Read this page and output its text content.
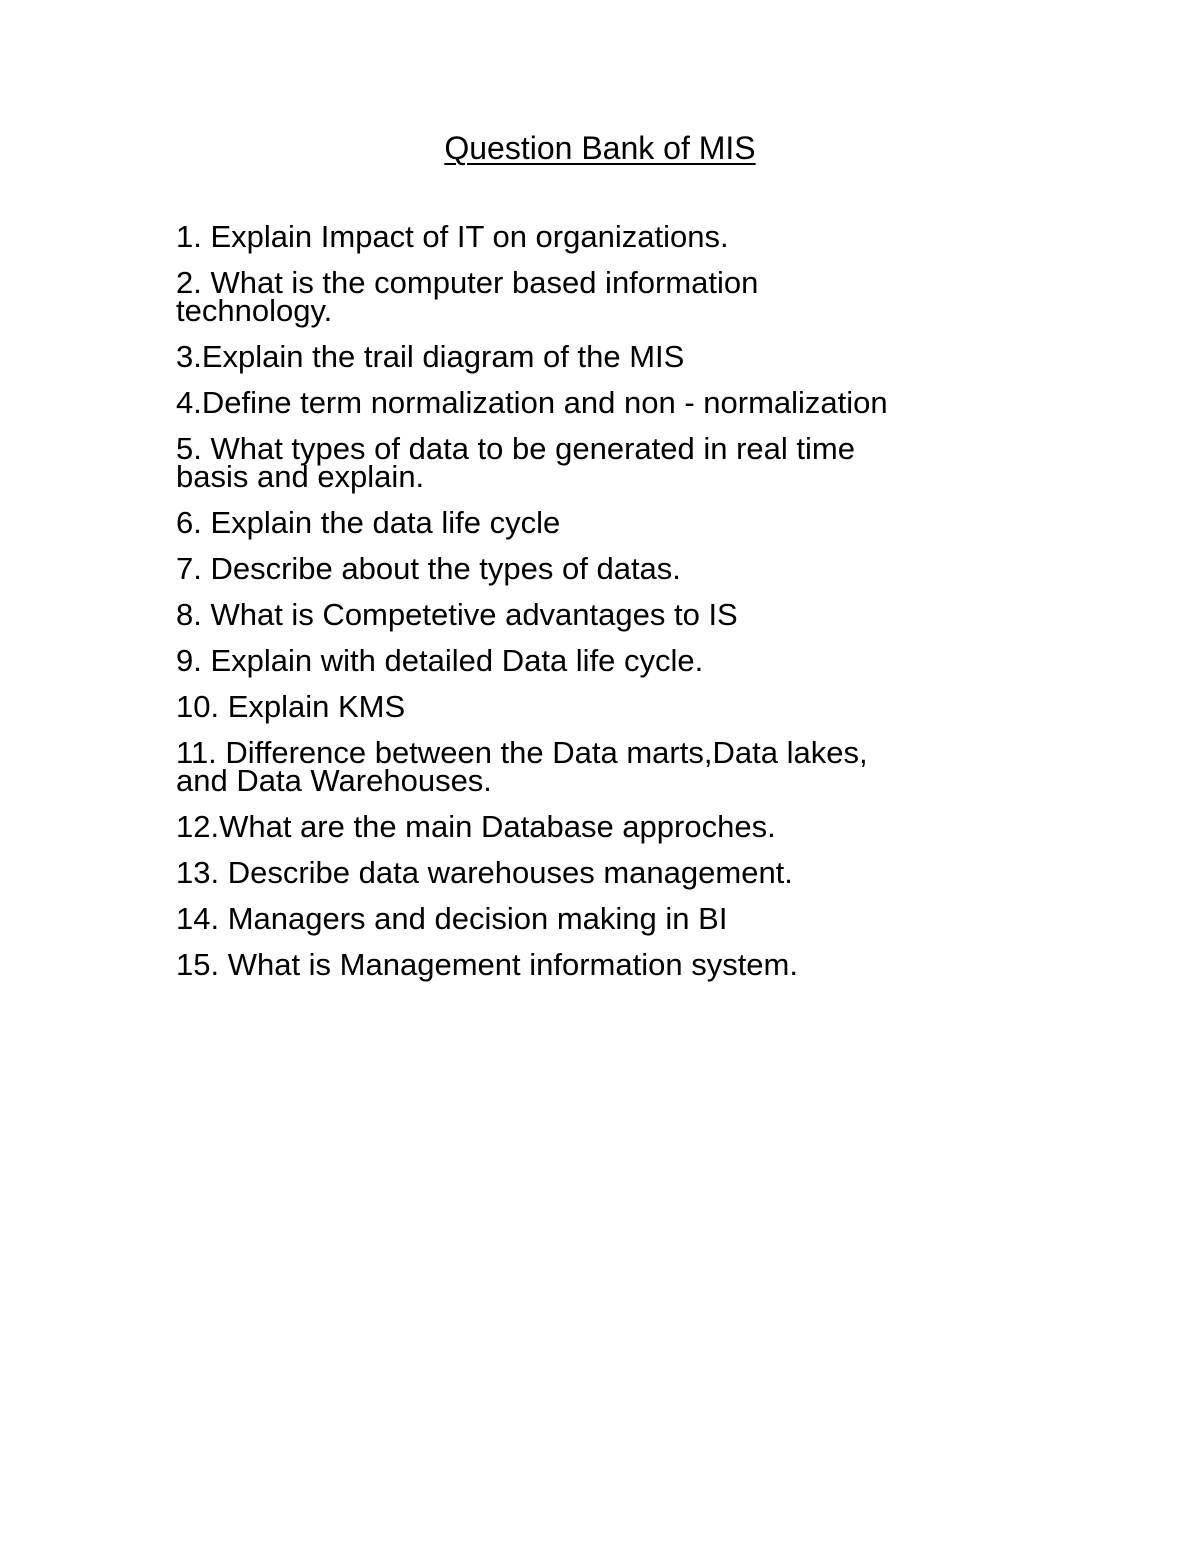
Question Bank of MIS
1. Explain Impact of IT on organizations.
2. What is the computer based information
technology.
3.Explain the trail diagram of the MIS
4.Define term normalization and non - normalization
5. What types of data to be generated in real time
basis and explain.
6. Explain the data life cycle
7. Describe about the types of datas.
8. What is Competetive advantages to IS
9. Explain with detailed Data life cycle.
10. Explain KMS
11. Difference between the Data marts,Data lakes,
and Data Warehouses.
12.What are the main Database approches.
13. Describe data warehouses management.
14. Managers and decision making in BI
15. What is Management information system.
